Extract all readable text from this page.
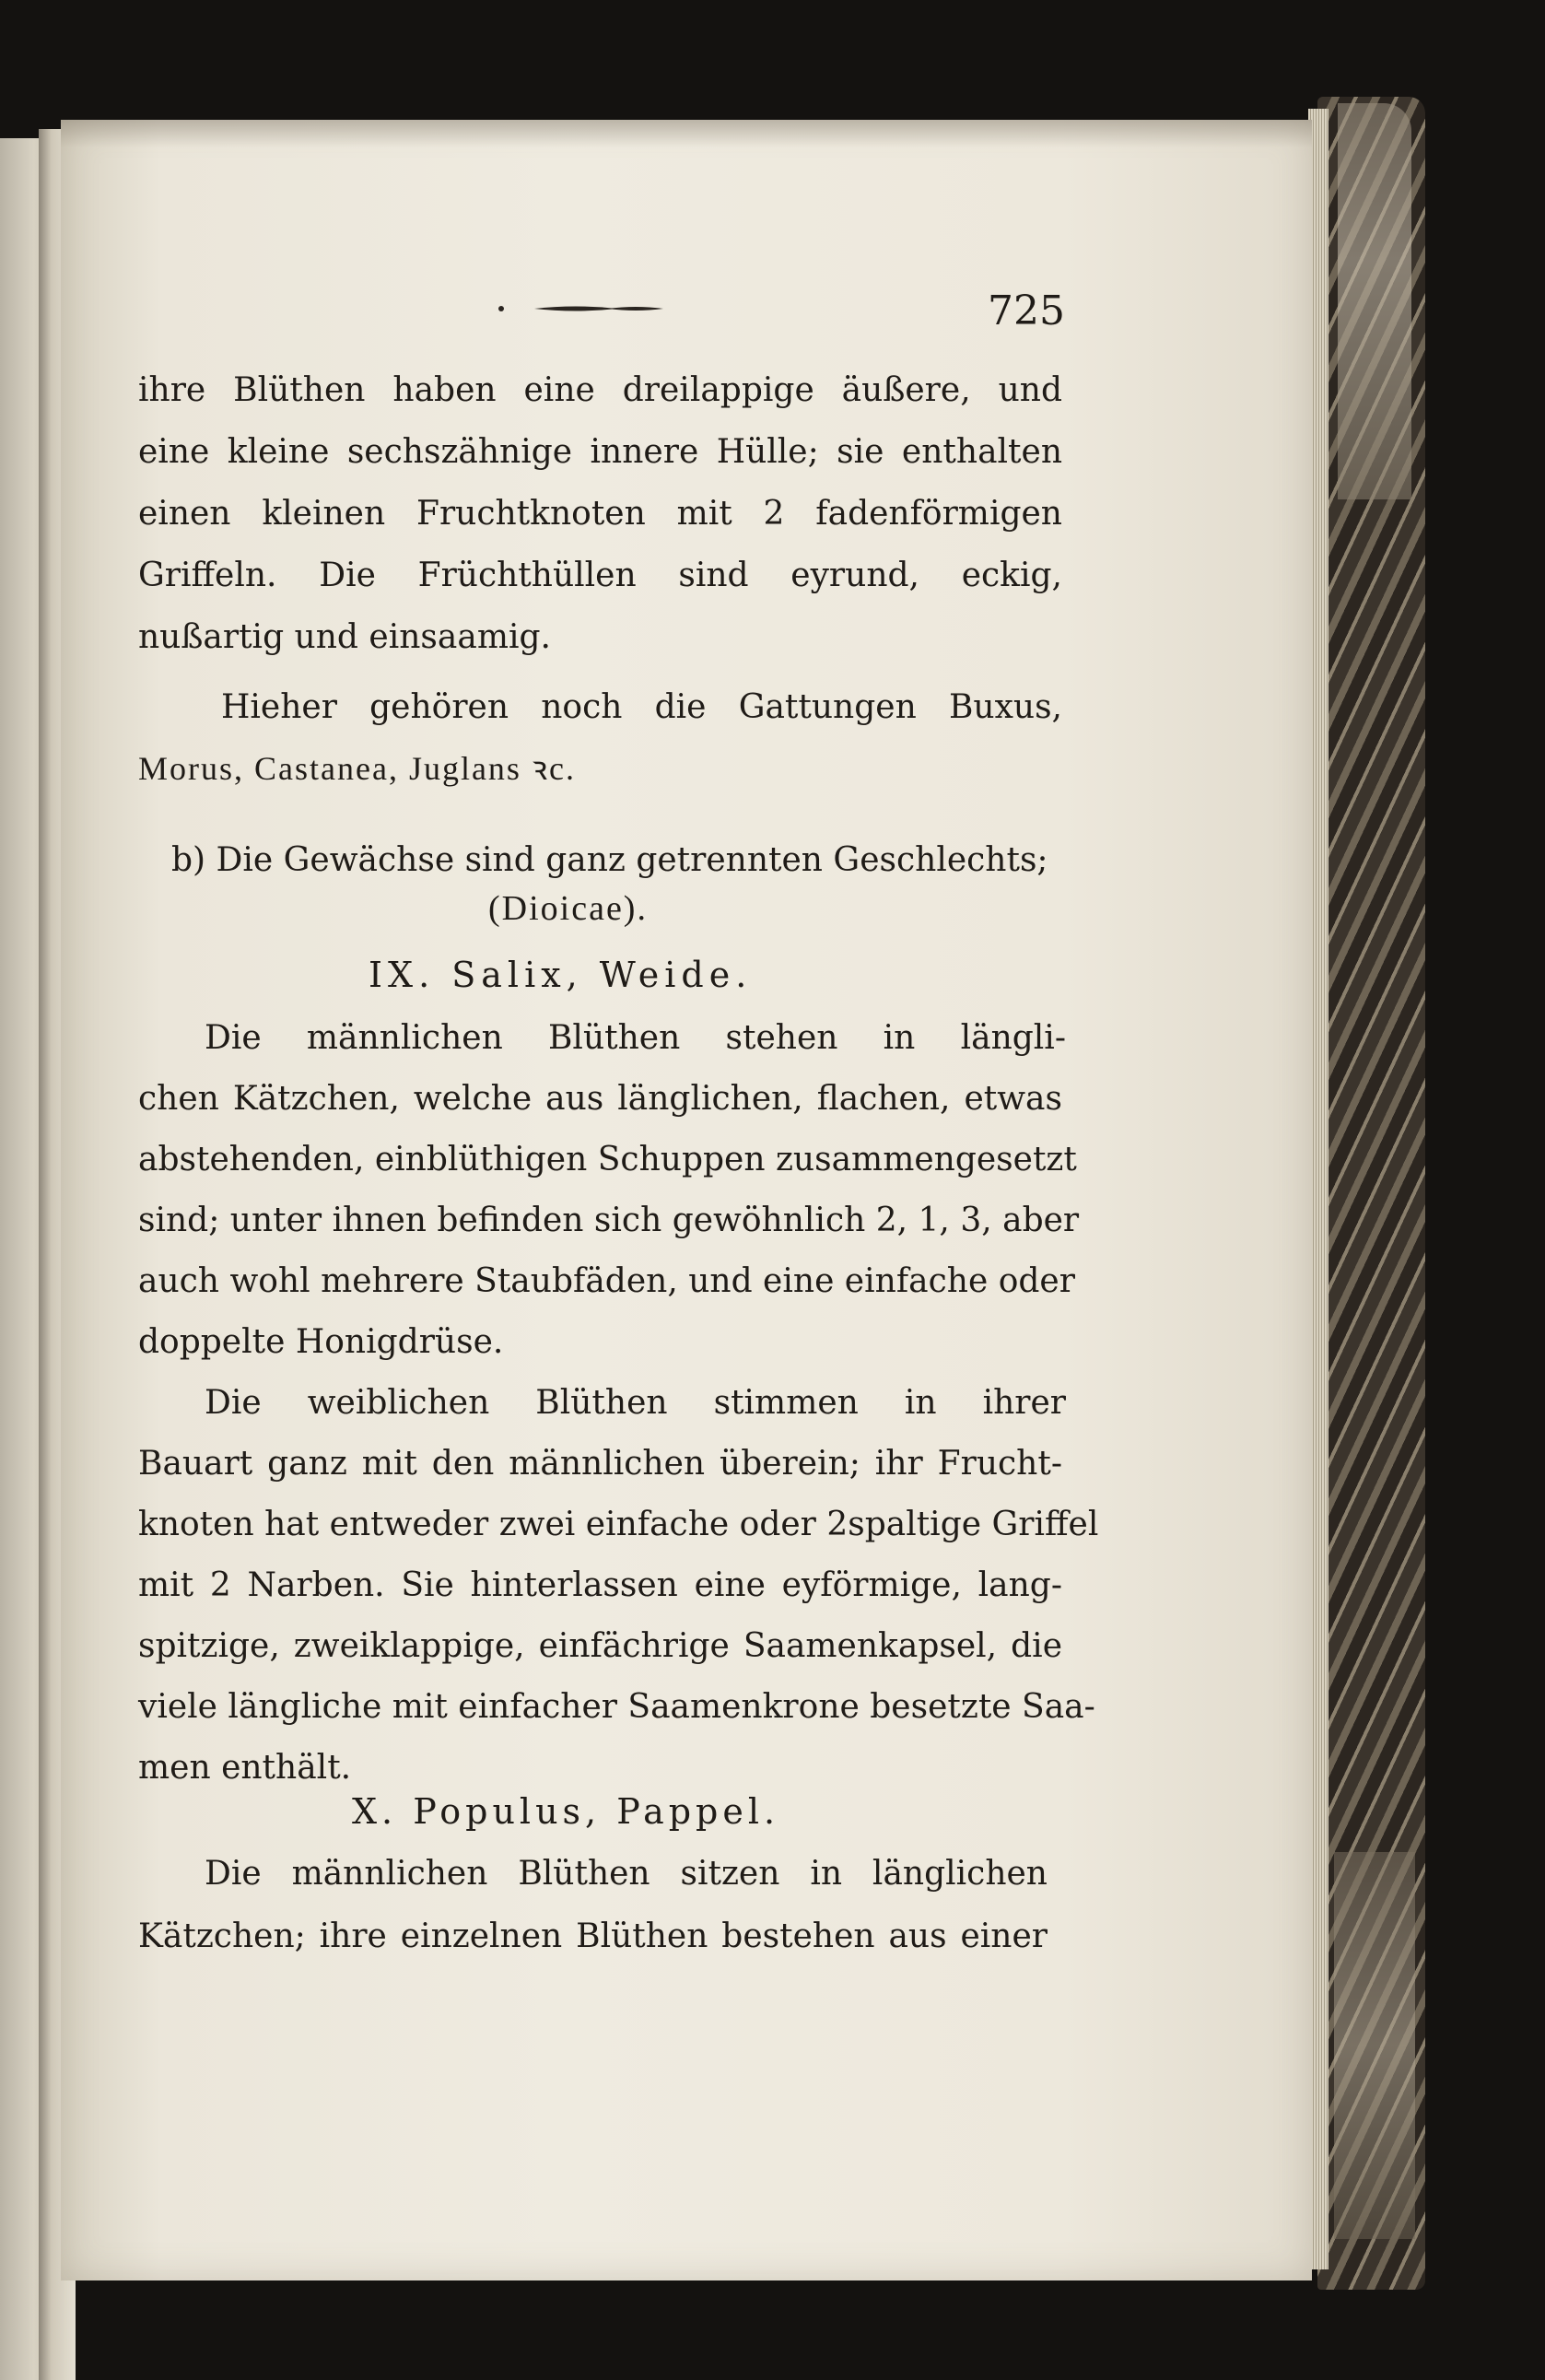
725
ihre Blüthen haben eine dreilappige äußere, und
eine kleine sechszähnige innere Hülle; sie enthalten
einen kleinen Fruchtknoten mit 2 fadenförmigen
Griffeln. Die Früchthüllen sind eyrund, eckig,
nußartig und einsaamig.
Hieher gehören noch die Gattungen Buxus,
Morus, Castanea, Juglans ꝛc.
b) Die Gewächse sind ganz getrennten Geschlechts;
(Dioicae).
IX. Salix, Weide.
Die männlichen Blüthen stehen in längli-
chen Kätzchen, welche aus länglichen, flachen, etwas
abstehenden, einblüthigen Schuppen zusammengesetzt
sind; unter ihnen befinden sich gewöhnlich 2, 1, 3, aber
auch wohl mehrere Staubfäden, und eine einfache oder
doppelte Honigdrüse.
Die weiblichen Blüthen stimmen in ihrer
Bauart ganz mit den männlichen überein; ihr Frucht-
knoten hat entweder zwei einfache oder 2spaltige Griffel
mit 2 Narben. Sie hinterlassen eine eyförmige, lang-
spitzige, zweiklappige, einfächrige Saamenkapsel, die
viele längliche mit einfacher Saamenkrone besetzte Saa-
men enthält.
X. Populus, Pappel.
Die männlichen Blüthen sitzen in länglichen
Kätzchen; ihre einzelnen Blüthen bestehen aus einer
